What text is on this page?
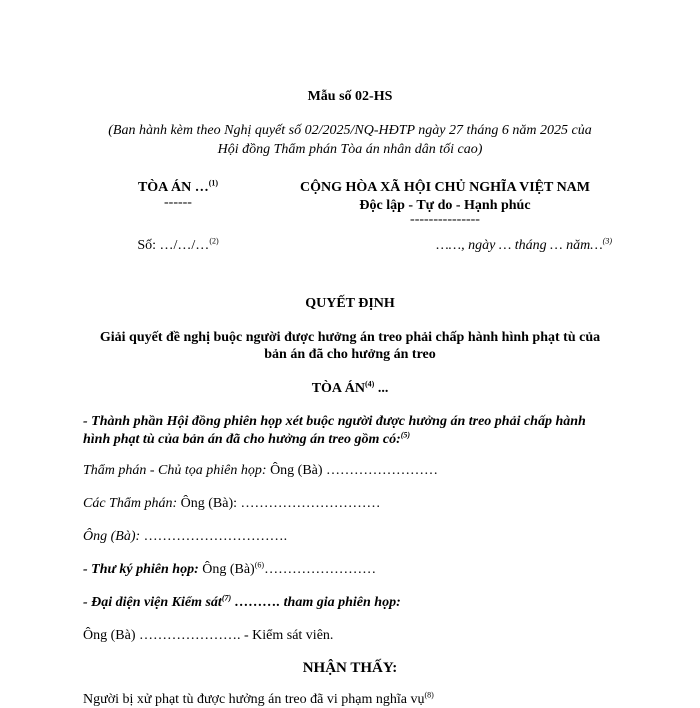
Mẫu số 02-HS
(Ban hành kèm theo Nghị quyết số 02/2025/NQ-HĐTP ngày 27 tháng 6 năm 2025 của
Hội đồng Thẩm phán Tòa án nhân dân tối cao)
TÒA ÁN …$^{(1)}$
------
Số: …/…/…$^{(2)}$
CỘNG HÒA XÃ HỘI CHỦ NGHĨA VIỆT NAM
Độc lập - Tự do - Hạnh phúc
---------------
……, ngày … tháng … năm…$^{(3)}$
QUYẾT ĐỊNH
Giải quyết đề nghị buộc người được hưởng án treo phải chấp hành hình phạt tù của
bản án đã cho hưởng án treo
TÒA ÁN$^{(4)}$ ...
- Thành phần Hội đồng phiên họp xét buộc người được hưởng án treo phải chấp hành
hình phạt tù của bản án đã cho hưởng án treo gồm có:$^{(5)}$
Thẩm phán - Chủ tọa phiên họp: Ông (Bà) ……………………
Các Thẩm phán: Ông (Bà): …………………………
Ông (Bà): ………………………….
- Thư ký phiên họp: Ông (Bà)$^{(6)}$……………………
- Đại diện viện Kiểm sát$^{(7)}$ ………. tham gia phiên họp:
Ông (Bà) …………………. - Kiểm sát viên.
NHẬN THẤY:
Người bị xử phạt tù được hưởng án treo đã vi phạm nghĩa vụ$^{(8)}$
